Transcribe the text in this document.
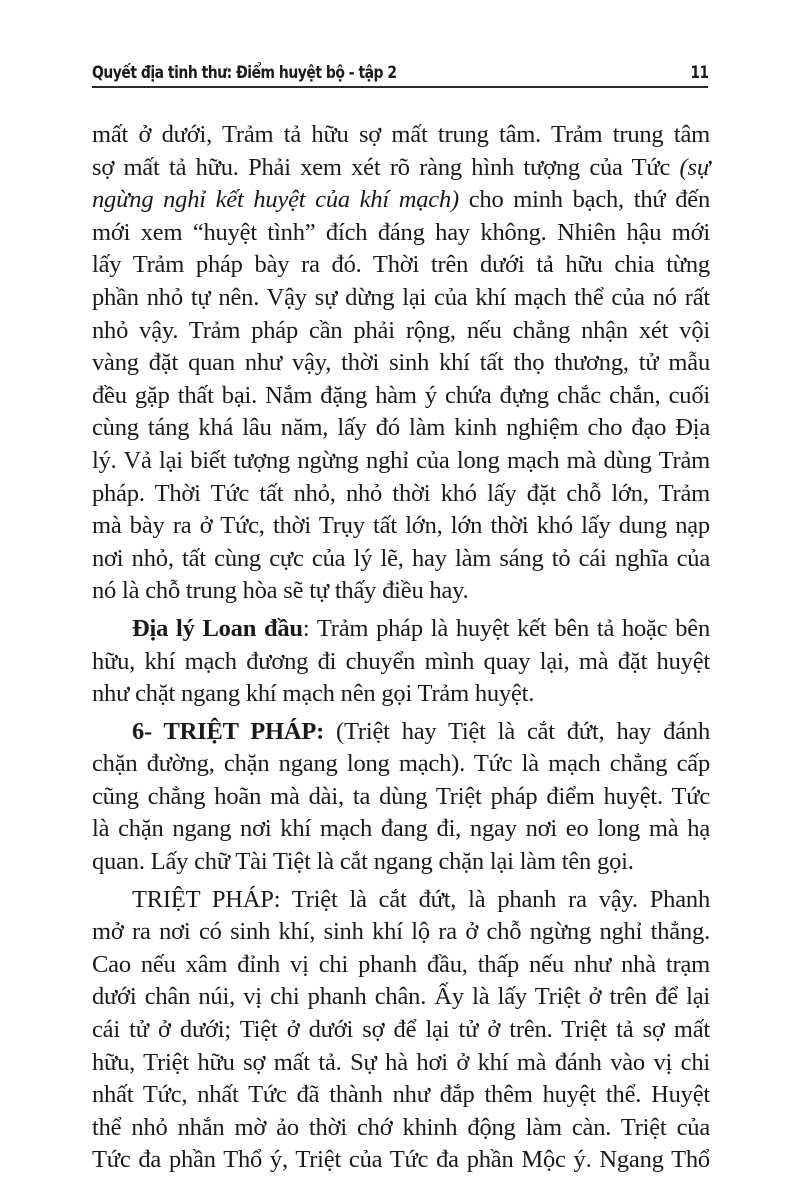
Quyết địa tinh thư: Điểm huyệt bộ - tập 2	11

mất ở dưới, Trảm tả hữu sợ mất trung tâm. Trảm trung tâm
sợ mất tả hữu. Phải xem xét rõ ràng hình tượng của Tức (sự
ngừng nghỉ kết huyệt của khí mạch) cho minh bạch, thứ đến
mới xem “huyệt tình” đích đáng hay không. Nhiên hậu mới
lấy Trảm pháp bày ra đó. Thời trên dưới tả hữu chia từng
phần nhỏ tự nên. Vậy sự dừng lại của khí mạch thể của nó rất
nhỏ vậy. Trảm pháp cần phải rộng, nếu chẳng nhận xét vội
vàng đặt quan như vậy, thời sinh khí tất thọ thương, tử mẫu
đều gặp thất bại. Nắm đặng hàm ý chứa đựng chắc chắn, cuối
cùng táng khá lâu năm, lấy đó làm kinh nghiệm cho đạo Địa
lý. Vả lại biết tượng ngừng nghỉ của long mạch mà dùng Trảm
pháp. Thời Tức tất nhỏ, nhỏ thời khó lấy đặt chỗ lớn, Trảm
mà bày ra ở Tức, thời Trụy tất lớn, lớn thời khó lấy dung nạp
nơi nhỏ, tất cùng cực của lý lẽ, hay làm sáng tỏ cái nghĩa của
nó là chỗ trung hòa sẽ tự thấy điều hay.

Địa lý Loan đầu: Trảm pháp là huyệt kết bên tả hoặc bên
hữu, khí mạch đương đi chuyển mình quay lại, mà đặt huyệt
như chặt ngang khí mạch nên gọi Trảm huyệt.

6- TRIỆT PHÁP: (Triệt hay Tiệt là cắt đứt, hay đánh
chặn đường, chặn ngang long mạch). Tức là mạch chẳng cấp
cũng chẳng hoãn mà dài, ta dùng Triệt pháp điểm huyệt. Tức
là chặn ngang nơi khí mạch đang đi, ngay nơi eo long mà hạ
quan. Lấy chữ Tài Tiệt là cắt ngang chặn lại làm tên gọi.

TRIỆT PHÁP: Triệt là cắt đứt, là phanh ra vậy. Phanh
mở ra nơi có sinh khí, sinh khí lộ ra ở chỗ ngừng nghỉ thẳng.
Cao nếu xâm đỉnh vị chi phanh đầu, thấp nếu như nhà trạm
dưới chân núi, vị chi phanh chân. Ấy là lấy Triệt ở trên để lại
cái tử ở dưới; Tiệt ở dưới sợ để lại tử ở trên. Triệt tả sợ mất
hữu, Triệt hữu sợ mất tả. Sự hà hơi ở khí mà đánh vào vị chi
nhất Tức, nhất Tức đã thành như đắp thêm huyệt thể. Huyệt
thể nhỏ nhắn mờ ảo thời chớ khinh động làm càn. Triệt của
Tức đa phần Thổ ý, Triệt của Tức đa phần Mộc ý. Ngang Thổ
